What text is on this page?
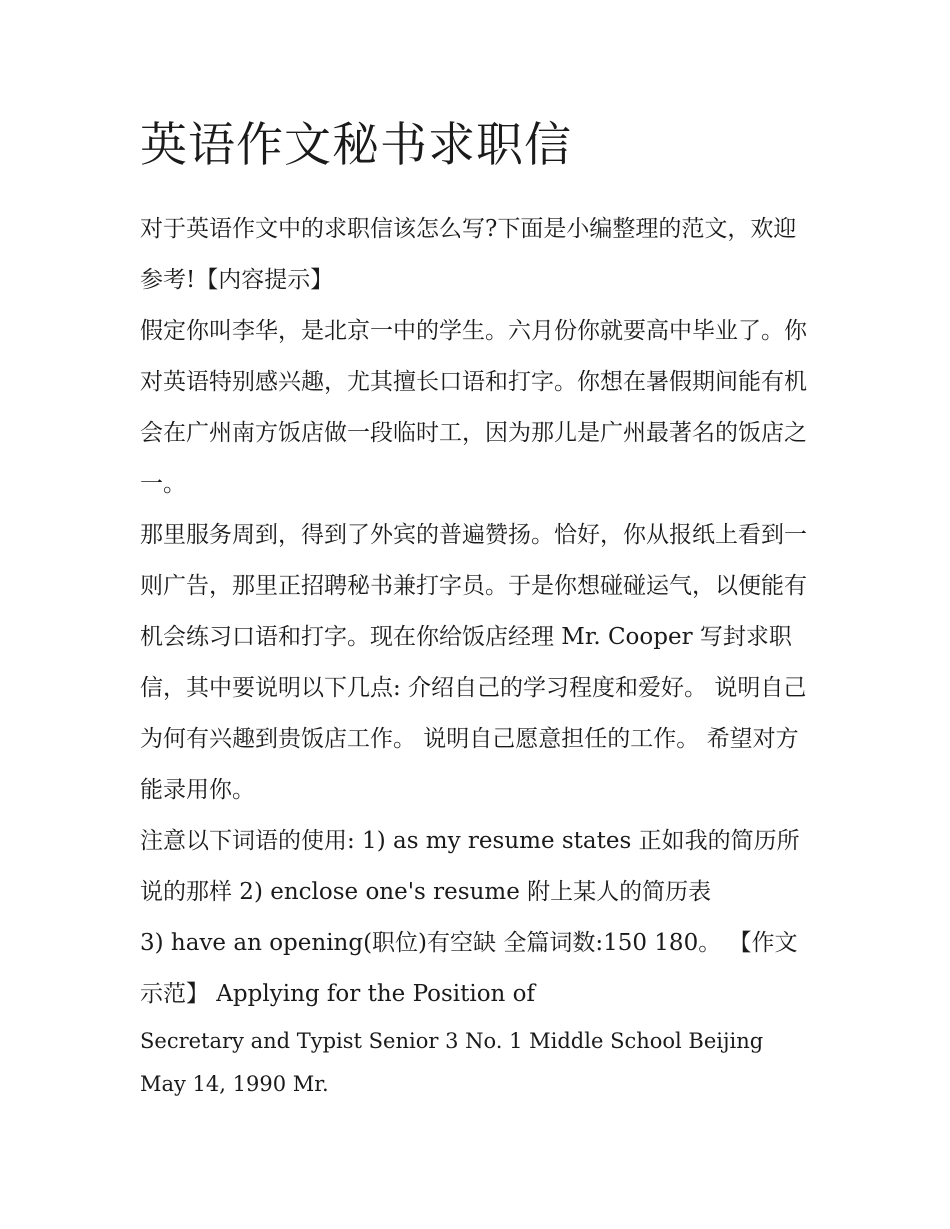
英语作文秘书求职信

对于英语作文中的求职信该怎么写?下面是小编整理的范文，欢迎参考!【内容提示】

假定你叫李华，是北京一中的学生。六月份你就要高中毕业了。你对英语特别感兴趣，尤其擅长口语和打字。你想在暑假期间能有机会在广州南方饭店做一段临时工，因为那儿是广州最著名的饭店之一。

那里服务周到，得到了外宾的普遍赞扬。恰好，你从报纸上看到一则广告，那里正招聘秘书兼打字员。于是你想碰碰运气，以便能有机会练习口语和打字。现在你给饭店经理 Mr. Cooper 写封求职信，其中要说明以下几点: 介绍自己的学习程度和爱好。 说明自己为何有兴趣到贵饭店工作。 说明自己愿意担任的工作。 希望对方能录用你。

注意以下词语的使用: 1) as my resume states 正如我的简历所说的那样 2) enclose one's resume 附上某人的简历表

3) have an opening(职位)有空缺 全篇词数:150 180。 【作文示范】 Applying for the Position of

Secretary and Typist Senior 3 No. 1 Middle School Beijing May 14, 1990 Mr.
